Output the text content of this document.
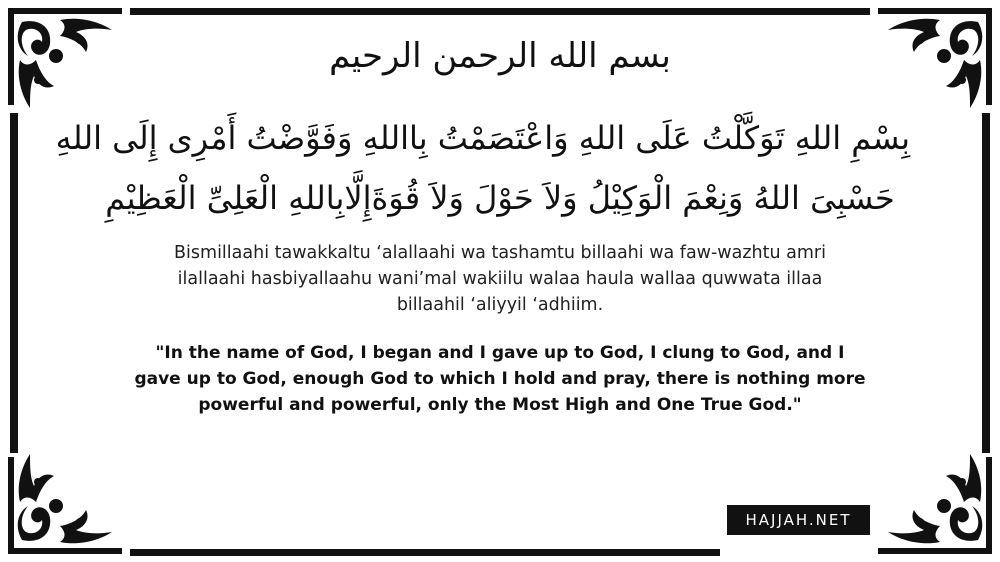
بسم الله الرحمن الرحيم
بِسْمِ اللهِ تَوَكَّلْتُ عَلَى اللهِ وَاعْتَصَمْتُ بِااللهِ وَفَوَّضْتُ أَمْرِى إِلَى اللهِ
حَسْبِىَ اللهُ وَنِعْمَ الْوَكِيْلُ وَلاَ حَوْلَ وَلاَ قُوَةَإِلَّابِاللهِ الْعَلِىِّ الْعَظِيْمِ
Bismillaahi tawakkaltu ‘alallaahi wa tashamtu billaahi wa faw-wazhtu amri
ilallaahi hasbiyallaahu wani’mal wakiilu walaa haula wallaa quwwata illaa
billaahil ‘aliyyil ‘adhiim.
"In the name of God, I began and I gave up to God, I clung to God, and I
gave up to God, enough God to which I hold and pray, there is nothing more
powerful and powerful, only the Most High and One True God."
HAJJAH.NET
